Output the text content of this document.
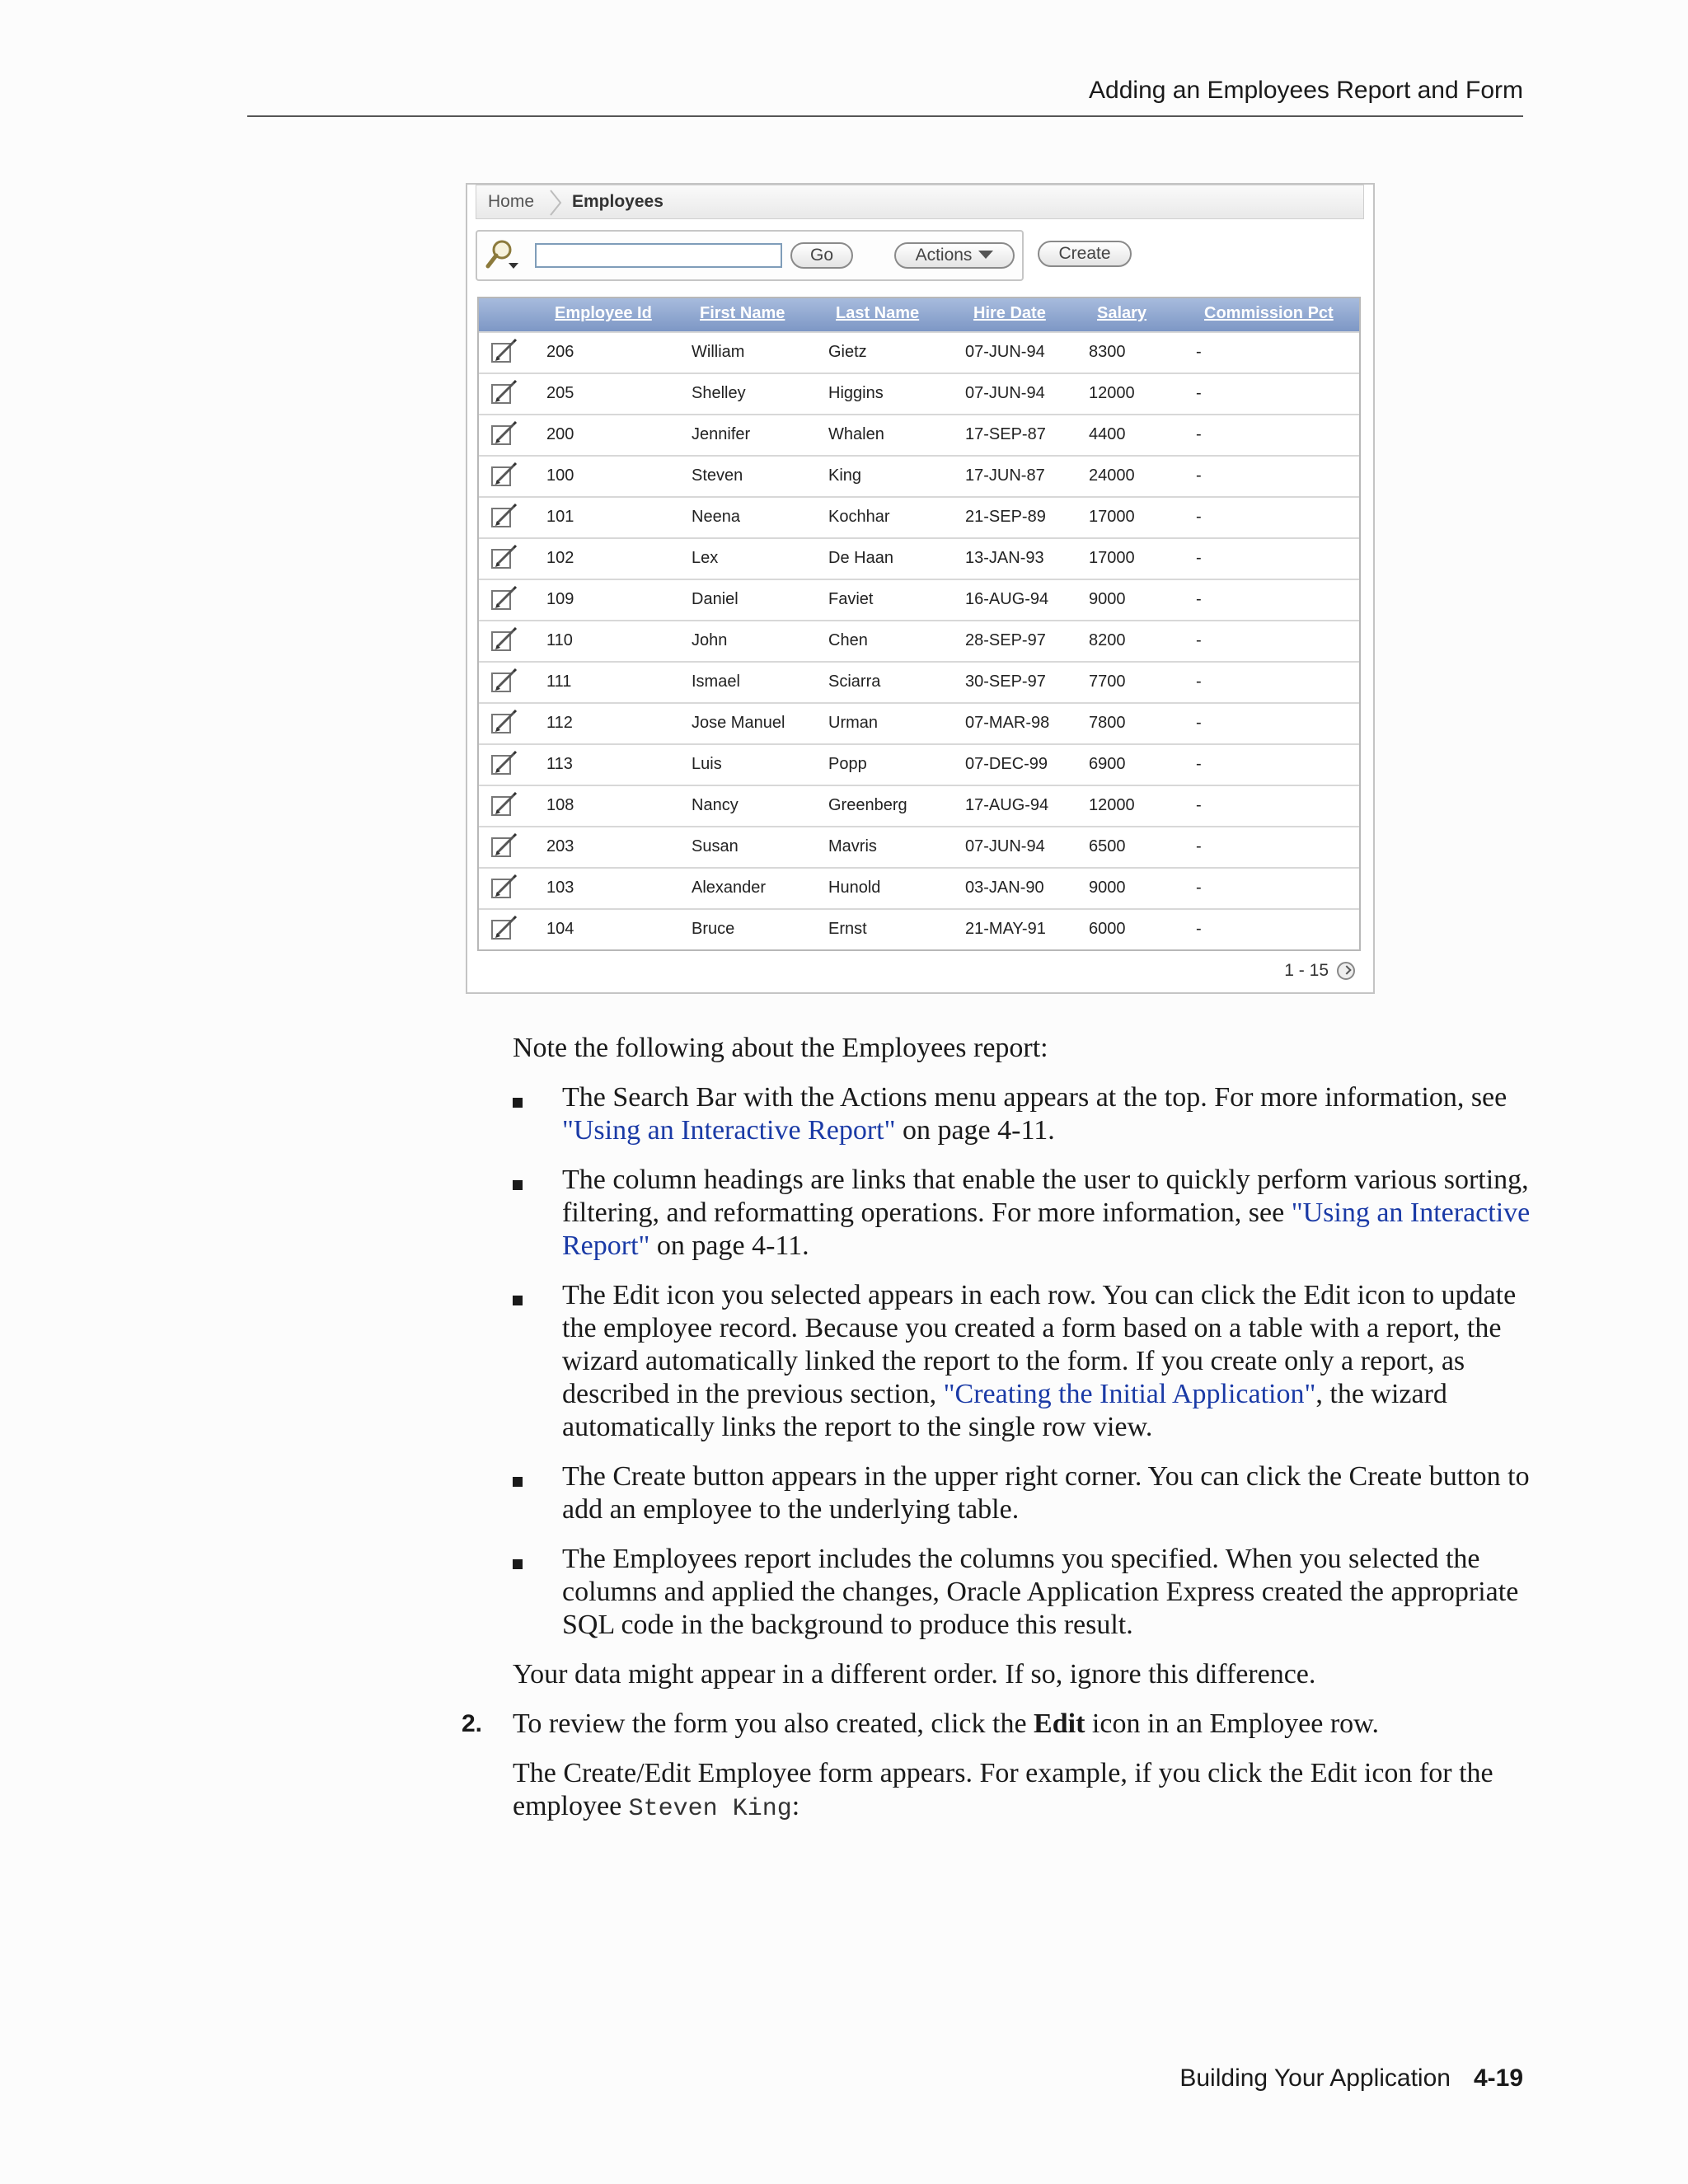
Adding an Employees Report and Form
Home Employees
Go	Actions	Create
Employee Id	First Name	Last Name	Hire Date	Salary	Commission Pct
206	William	Gietz	07-JUN-94	8300	-
205	Shelley	Higgins	07-JUN-94	12000	-
200	Jennifer	Whalen	17-SEP-87	4400	-
100	Steven	King	17-JUN-87	24000	-
101	Neena	Kochhar	21-SEP-89	17000	-
102	Lex	De Haan	13-JAN-93	17000	-
109	Daniel	Faviet	16-AUG-94 9000	-
110	John	Chen	28-SEP-97	8200	-
111	Ismael	Sciarra	30-SEP-97	7700	-
112	Jose Manuel	Urman	07-MAR-98 7800	-
113	Luis	Popp	07-DEC-99 6900	-
108	Nancy	Greenberg	17-AUG-94 12000	-
203	Susan	Mavris	07-JUN-94	6500	-
103	Alexander	Hunold	03-JAN-90	9000	-
104	Bruce	Ernst	21-MAY-91	6000	-
1 - 15
Note the following about the Employees report:
The Search Bar with the Actions menu appears at the top. For more information, see "Using an Interactive Report" on page 4-11.
The column headings are links that enable the user to quickly perform various sorting, filtering, and reformatting operations. For more information, see "Using an Interactive Report" on page 4-11.
The Edit icon you selected appears in each row. You can click the Edit icon to update the employee record. Because you created a form based on a table with a report, the wizard automatically linked the report to the form. If you create only a report, as described in the previous section, "Creating the Initial Application", the wizard automatically links the report to the single row view.
The Create button appears in the upper right corner. You can click the Create button to add an employee to the underlying table.
The Employees report includes the columns you specified. When you selected the columns and applied the changes, Oracle Application Express created the appropriate SQL code in the background to produce this result.
Your data might appear in a different order. If so, ignore this difference.
2. To review the form you also created, click the Edit icon in an Employee row.
The Create/Edit Employee form appears. For example, if you click the Edit icon for the employee Steven King:
Building Your Application 4-19
